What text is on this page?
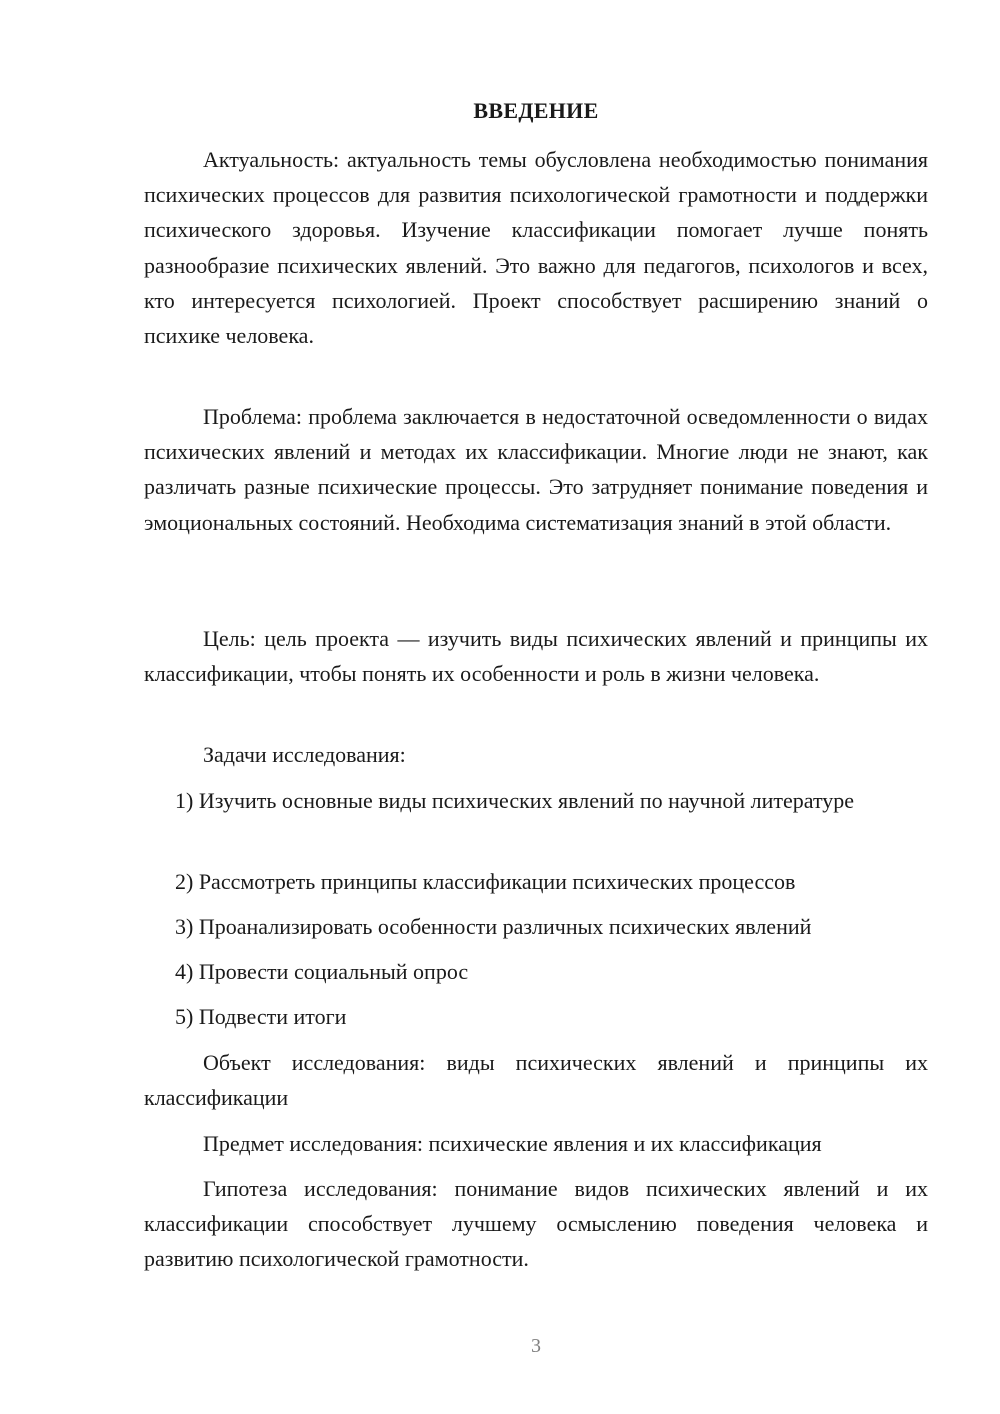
ВВЕДЕНИЕ

Актуальность: актуальность темы обусловлена необходимостью понимания психических процессов для развития психологической грамотности и поддержки психического здоровья. Изучение классификации помогает лучше понять разнообразие психических явлений. Это важно для педагогов, психологов и всех, кто интересуется психологией. Проект способствует расширению знаний о психике человека.

Проблема: проблема заключается в недостаточной осведомленности о видах психических явлений и методах их классификации. Многие люди не знают, как различать разные психические процессы. Это затрудняет понимание поведения и эмоциональных состояний. Необходима систематизация знаний в этой области.

Цель: цель проекта — изучить виды психических явлений и принципы их классификации, чтобы понять их особенности и роль в жизни человека.

Задачи исследования:

1) Изучить основные виды психических явлений по научной литературе

2) Рассмотреть принципы классификации психических процессов

3) Проанализировать особенности различных психических явлений

4) Провести социальный опрос

5) Подвести итоги

Объект исследования: виды психических явлений и принципы их классификации

Предмет исследования: психические явления и их классификация

Гипотеза исследования: понимание видов психических явлений и их классификации способствует лучшему осмыслению поведения человека и развитию психологической грамотности.

3
